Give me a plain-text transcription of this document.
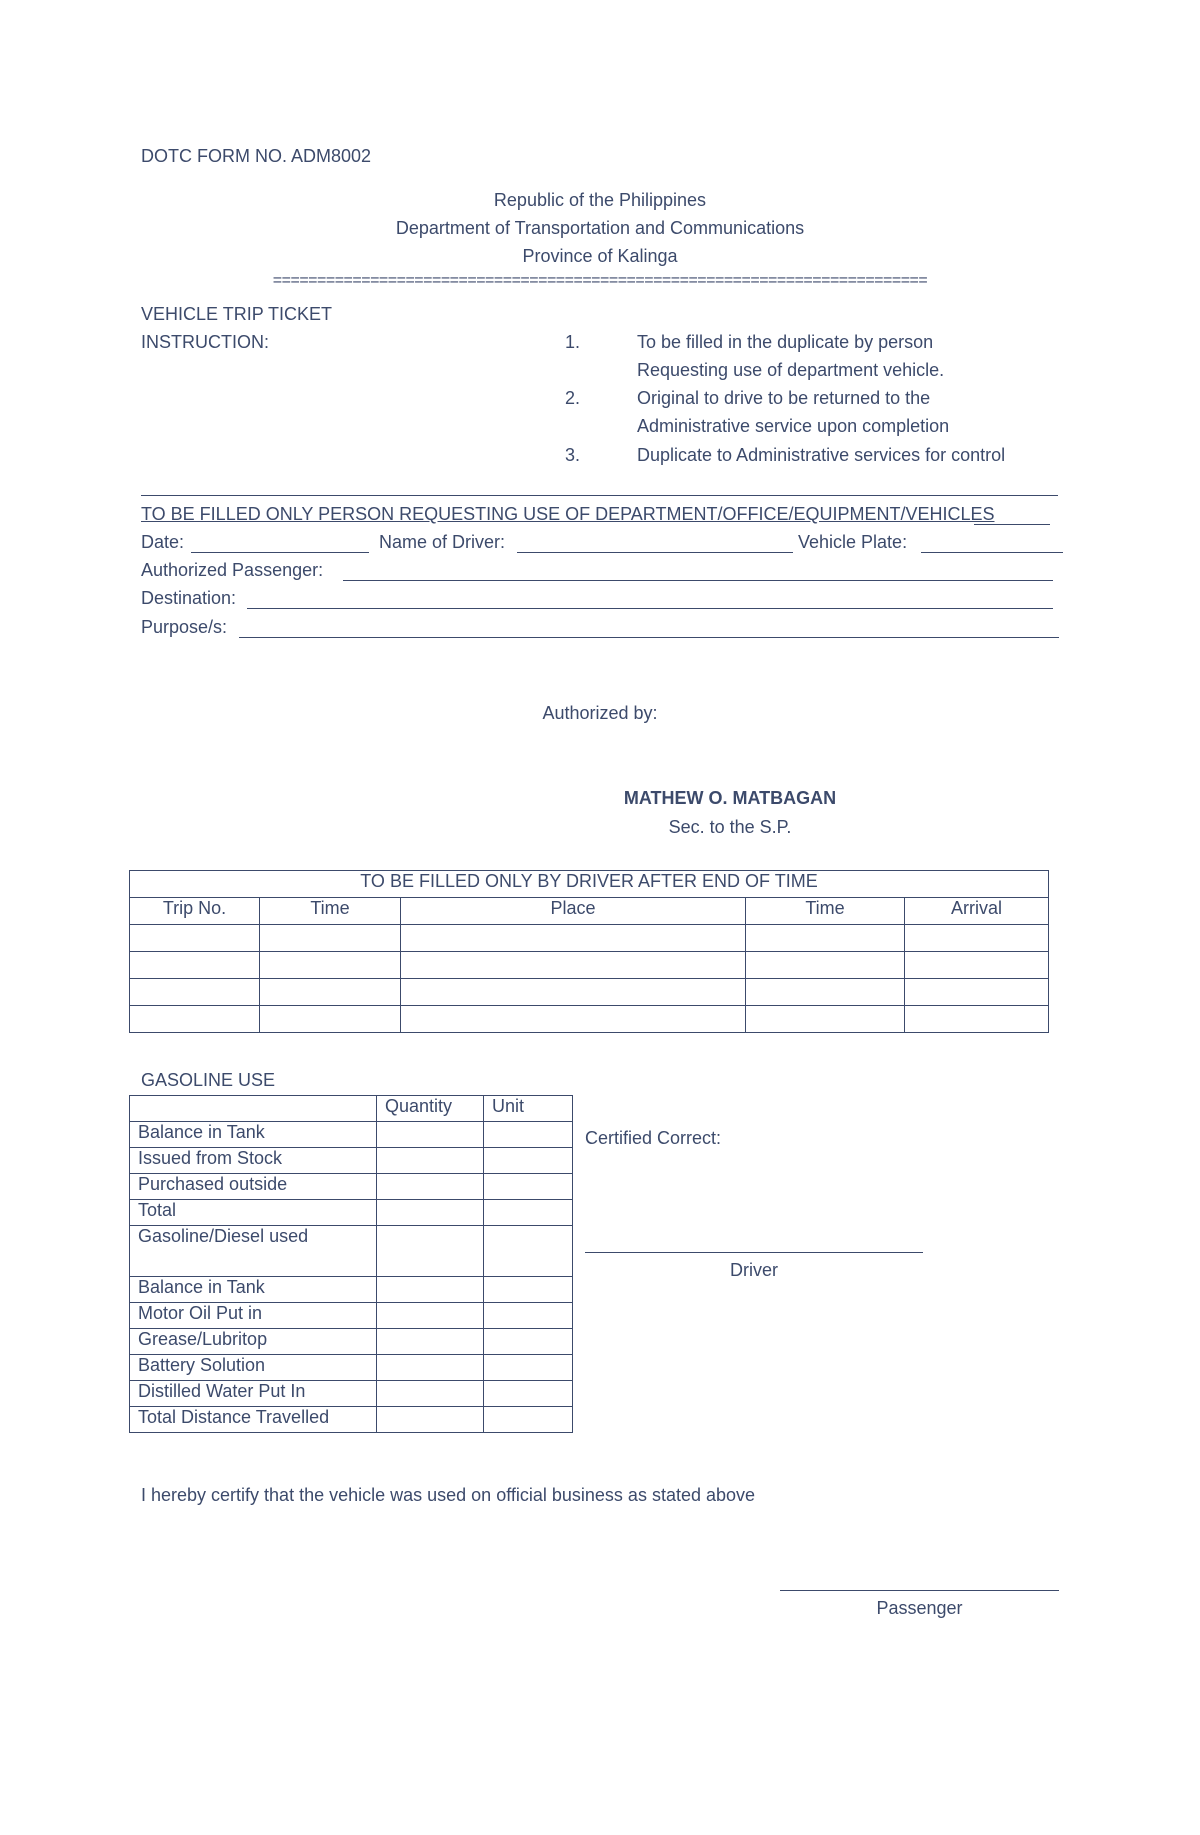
DOTC FORM NO. ADM8002
Republic of the Philippines
Department of Transportation and Communications
Province of Kalinga
==========================================================================
VEHICLE TRIP TICKET
INSTRUCTION:	1.	To be filled in the duplicate by person
Requesting use of department vehicle.
2.	Original to drive to be returned to the
Administrative service upon completion
3.	Duplicate to Administrative services for control
TO BE FILLED ONLY PERSON REQUESTING USE OF DEPARTMENT/OFFICE/EQUIPMENT/VEHICLES
Date:	Name of Driver:	Vehicle Plate:
Authorized Passenger:
Destination:
Purpose/s:
Authorized by:
MATHEW O. MATBAGAN
Sec. to the S.P.
TO BE FILLED ONLY BY DRIVER AFTER END OF TIME				
Trip No.	Time	Place	Time	Arrival

GASOLINE USE
	Quantity	Unit
Balance in Tank		
Issued from Stock		
Purchased outside		
Total		
Gasoline/Diesel used		
Balance in Tank		
Motor Oil Put in		
Grease/Lubritop		
Battery Solution		
Distilled Water Put In		
Total Distance Travelled		
Certified Correct:
Driver
I hereby certify that the vehicle was used on official business as stated above
Passenger
